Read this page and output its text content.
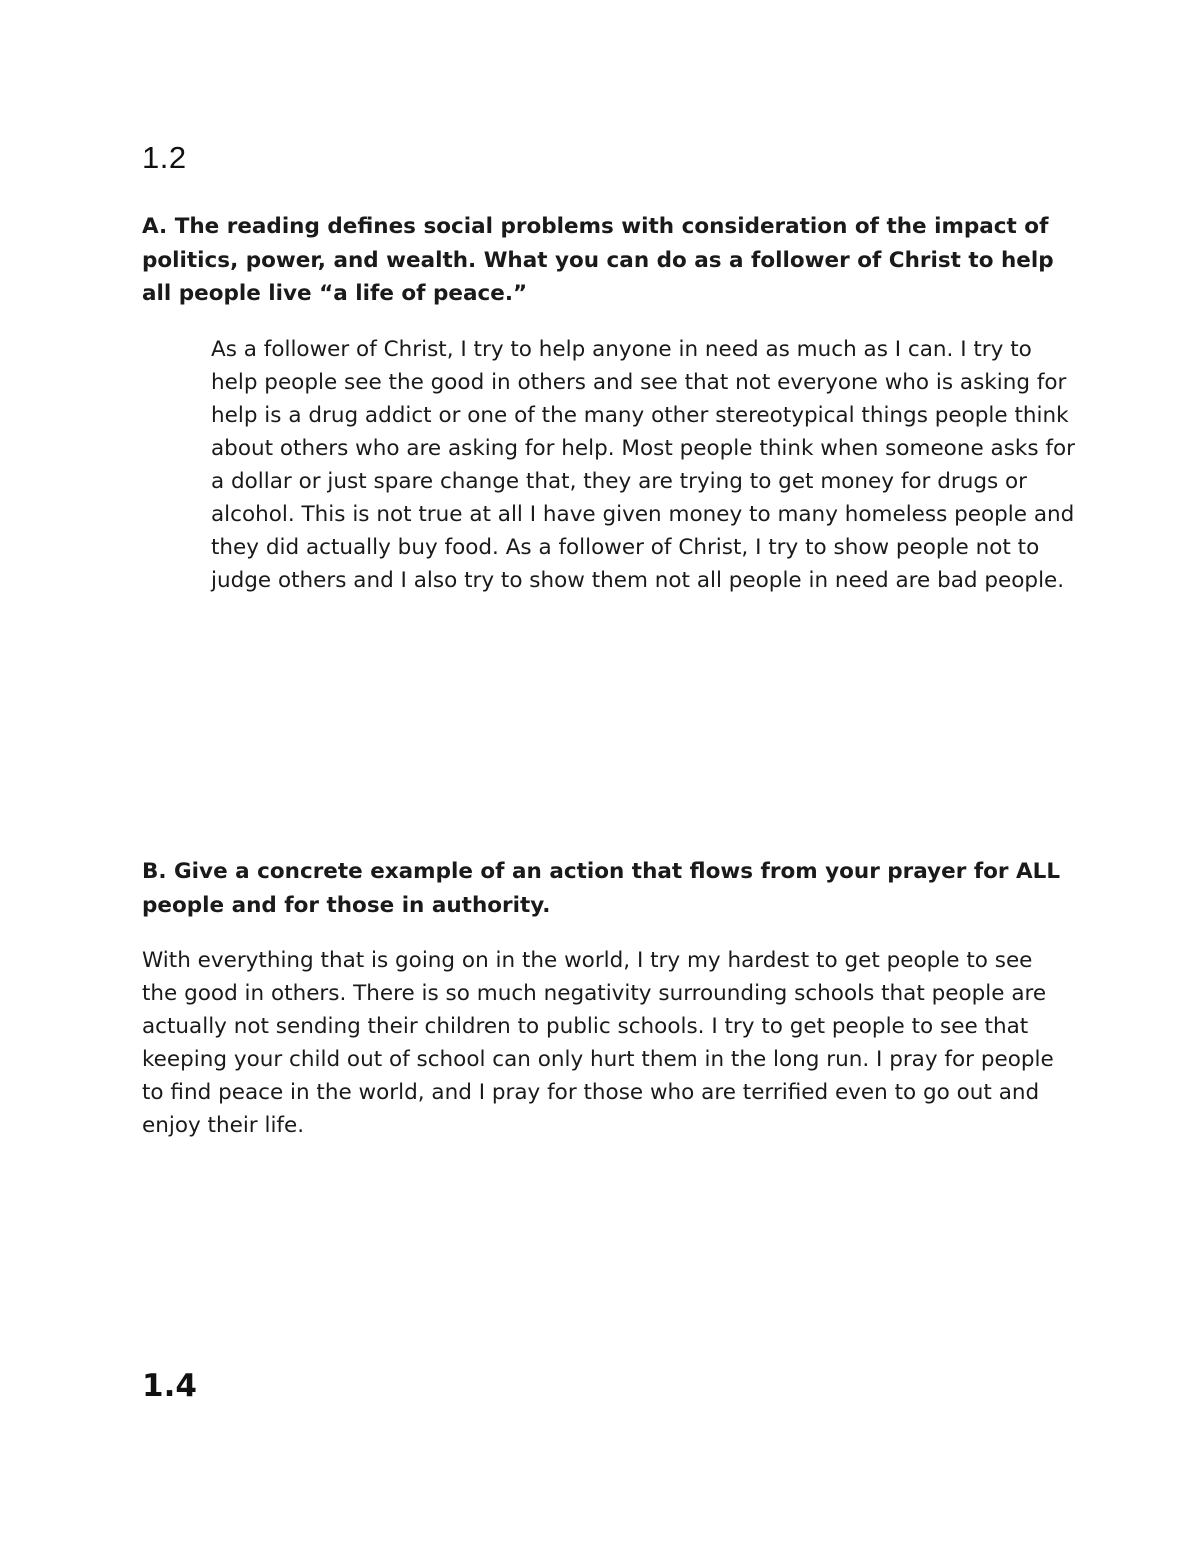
1.2

A. The reading defines social problems with consideration of the impact of politics, power, and wealth. What you can do as a follower of Christ to help all people live “a life of peace.”

As a follower of Christ, I try to help anyone in need as much as I can. I try to help people see the good in others and see that not everyone who is asking for help is a drug addict or one of the many other stereotypical things people think about others who are asking for help. Most people think when someone asks for a dollar or just spare change that, they are trying to get money for drugs or alcohol. This is not true at all I have given money to many homeless people and they did actually buy food. As a follower of Christ, I try to show people not to judge others and I also try to show them not all people in need are bad people.

B. Give a concrete example of an action that flows from your prayer for ALL people and for those in authority.

With everything that is going on in the world, I try my hardest to get people to see the good in others. There is so much negativity surrounding schools that people are actually not sending their children to public schools. I try to get people to see that keeping your child out of school can only hurt them in the long run. I pray for people to find peace in the world, and I pray for those who are terrified even to go out and enjoy their life.

1.4
